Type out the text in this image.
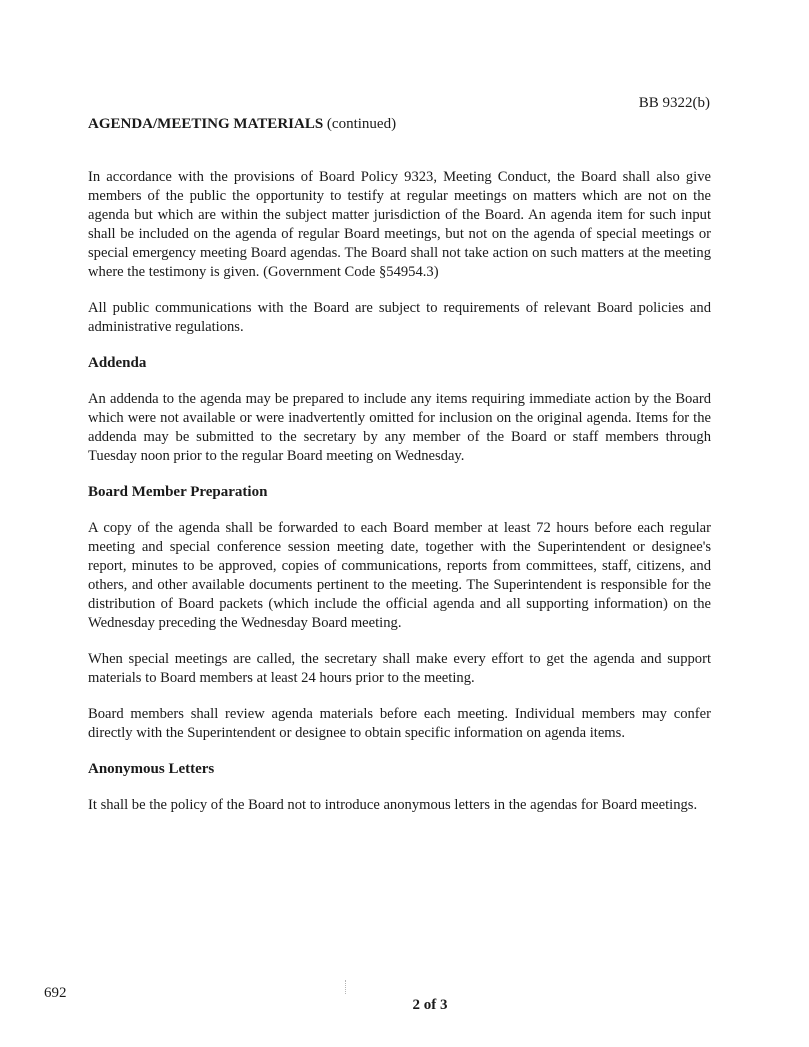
BB 9322(b)
AGENDA/MEETING MATERIALS (continued)

In accordance with the provisions of Board Policy 9323, Meeting Conduct, the Board shall also give members of the public the opportunity to testify at regular meetings on matters which are not on the agenda but which are within the subject matter jurisdiction of the Board. An agenda item for such input shall be included on the agenda of regular Board meetings, but not on the agenda of special meetings or special emergency meeting Board agendas. The Board shall not take action on such matters at the meeting where the testimony is given. (Government Code §54954.3)

All public communications with the Board are subject to requirements of relevant Board policies and administrative regulations.

Addenda

An addenda to the agenda may be prepared to include any items requiring immediate action by the Board which were not available or were inadvertently omitted for inclusion on the original agenda. Items for the addenda may be submitted to the secretary by any member of the Board or staff members through Tuesday noon prior to the regular Board meeting on Wednesday.

Board Member Preparation

A copy of the agenda shall be forwarded to each Board member at least 72 hours before each regular meeting and special conference session meeting date, together with the Superintendent or designee's report, minutes to be approved, copies of communications, reports from committees, staff, citizens, and others, and other available documents pertinent to the meeting. The Superintendent is responsible for the distribution of Board packets (which include the official agenda and all supporting information) on the Wednesday preceding the Wednesday Board meeting.

When special meetings are called, the secretary shall make every effort to get the agenda and support materials to Board members at least 24 hours prior to the meeting.

Board members shall review agenda materials before each meeting. Individual members may confer directly with the Superintendent or designee to obtain specific information on agenda items.

Anonymous Letters

It shall be the policy of the Board not to introduce anonymous letters in the agendas for Board meetings.

692
2 of 3
